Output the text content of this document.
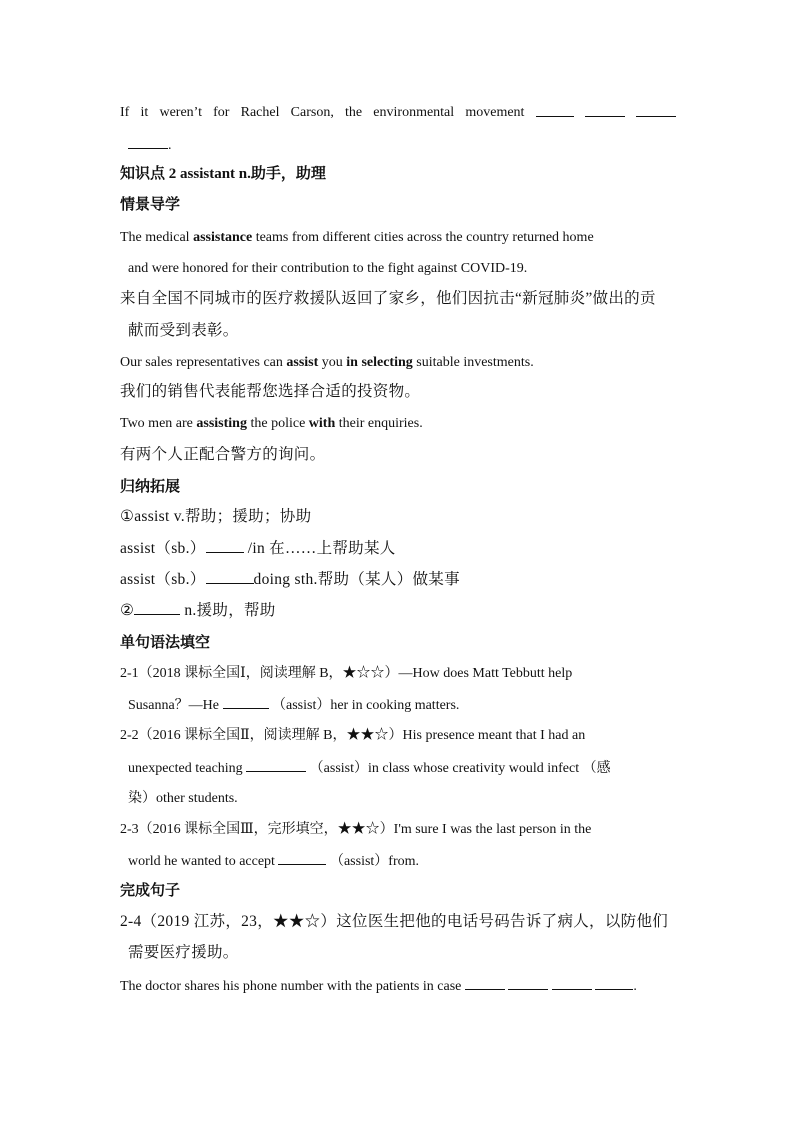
If it weren’t for Rachel Carson, the environmental movement
.
知识点 2 assistant n.助手，助理
情景导学
The medical assistance teams from different cities across the country returned home
and were honored for their contribution to the fight against COVID-19.
来自全国不同城市的医疗救援队返回了家乡，他们因抗击“新冠肺炎”做出的贡
献而受到表彰。
Our sales representatives can assist you in selecting suitable investments.
我们的销售代表能帮您选择合适的投资物。
Two men are assisting the police with their enquiries.
有两个人正配合警方的询问。
归纳拓展
①assist v.帮助；援助；协助
assist（sb.）	/in 在……上帮助某人
assist（sb.）	doing sth.帮助（某人）做某事
②	n.援助，帮助
单句语法填空
2-1（2018 课标全国Ⅰ，阅读理解 B，★☆☆）—How does Matt Tebbutt help
Susanna？—He	（assist）her in cooking matters.
2-2（2016 课标全国Ⅱ，阅读理解 B，★★☆）His presence meant that I had an
unexpected teaching	（assist）in class whose creativity would infect （感
染）other students.
2-3（2016 课标全国Ⅲ，完形填空，★★☆）I'm sure I was the last person in the
world he wanted to accept	（assist）from.
完成句子
2-4（2019 江苏，23，★★☆）这位医生把他的电话号码告诉了病人，以防他们
需要医疗援助。
The doctor shares his phone number with the patients in case	.
